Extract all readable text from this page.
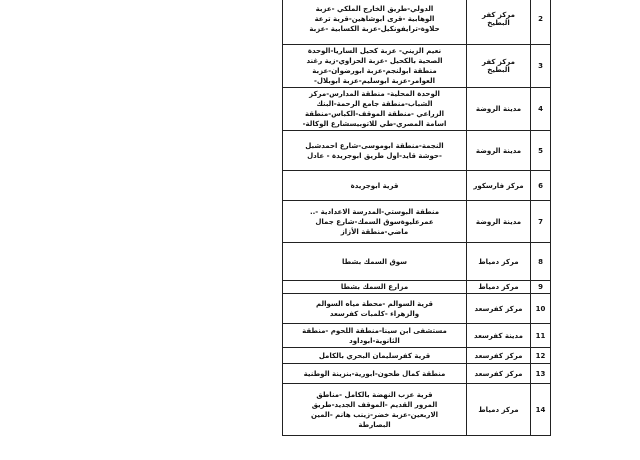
2	مركز كفر البطيخ	الدولي-طريق الخارج الملكي -عزبة
الوهابية -قرى ابوشاهين-قرية ترعة
حلاوة-ترايفونكيل-عزبة الكسابية -عزبة
3	مركز كفر البطيخ	نعيم الزيني- عزبة كحيل الساريا-الوحدة
الصحية بالكحيل -عزبة الحزاوي-زية رغند
منطقة ابولنجم-عزبة ابورضوان-عزبة
العوامر-عزبة ابوسليم-عزبة ابوبلال-
4	مدينة الروضة	الوحدة المحلية- منطقة المدارس-مركز
الشباب-منطقة جامع الرحمة-البنك
الزراعي -منطقة الموقف-الكباس-منطقة
اسامة المصري-طي للاتوبيسشارع الوكالة-
5	مدينة الروضة	النجمة-منطقة ابوموسى-شارع احمدشبل
-حوشة قايد-اول طريق ابوجريدة - عادل
6	مركز فارسكور	قرية ابوجريدة
7	مدينة الروضة	منطقة البوستي-المدرسة الاعدادية -..
عمرعليوةسوق السمك-شارع جمال
ماضي-منطقة الأزاز
8	مركز دمياط	سوق السمك بشطا
9	مركز دمياط	مزارع السمك بشطا
10	مركز كفرسعد	قرية السوالم -محطة مياه السوالم
والزهراء -كلمبات كفرسعد
11	مدينة كفرسعد	مستشفى ابن سينا-منطقة اللحوم -منطقة
الثانوية-ابوداود
12	مركز كفرسعد	قرية كفرسليمان البحري بالكامل
13	مركز كفرسعد	منطقة كمال طحون-ابورية-بنزينة الوطنية
14	مركز دمياط	قرية عزب النهضة بالكامل -مناطق
المرور القديم -الموقف الجديد-طريق
الاربعين-عزبة خضر-زينب هانم -المين
البصارطة
